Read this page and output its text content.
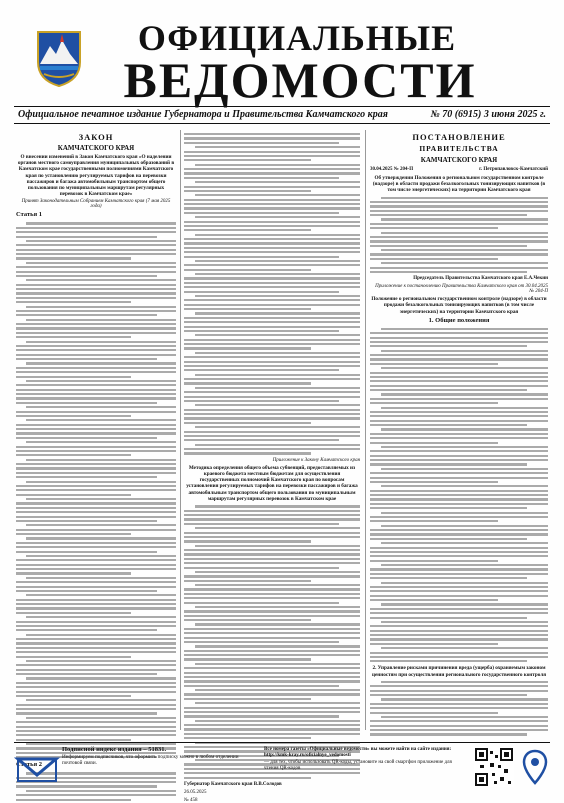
ОФИЦИАЛЬНЫЕ
ВЕДОМОСТИ
Официальное печатное издание Губернатора и Правительства Камчатского края	№ 70 (6915) 3 июня 2025 г.
ЗАКОН
КАМЧАТСКОГО КРАЯ
О внесении изменений в Закон Камчатского края «О наделении органов местного самоуправления муниципальных образований в Камчатском крае государственными полномочиями Камчатского края по установлению регулируемых тарифов на перевозки пассажиров и багажа автомобильным транспортом общего пользования по муниципальным маршрутам регулярных перевозок в Камчатском крае»
Принят Законодательным Собранием Камчатского края (7 мая 2025 года)
Статья 1
Статья 2
Приложение к Закону Камчатского края
Методика определения общего объема субвенций, предоставляемых из краевого бюджета местным бюджетам для осуществления государственных полномочий Камчатского края по вопросам установления регулируемых тарифов на перевозки пассажиров и багажа автомобильным транспортом общего пользования по муниципальным маршрутам регулярных перевозок в Камчатском крае
Губернатор Камчатского края В.В.Солодов
26.05.2025
№ 458
ПОСТАНОВЛЕНИЕ
ПРАВИТЕЛЬСТВА
КАМЧАТСКОГО КРАЯ
30.04.2025 № 204-П	г. Петропавловск-Камчатский
Об утверждении Положения о региональном государственном контроле (надзоре) в области продажи безалкогольных тонизирующих напитков (в том числе энергетических) на территории Камчатского края
Председатель Правительства Камчатского края Е.А.Чекин
Приложение к постановлению Правительства Камчатского края от 30.04.2025 № 204-П
Положение о региональном государственном контроле (надзоре) в области продажи безалкогольных тонизирующих напитков (в том числе энергетических) на территории Камчатского края
1. Общие положения
2. Управление рисками причинения вреда (ущерба) охраняемым законом ценностям при осуществлении регионального государственного контроля
Подписной индекс издания – 51831.
Информируем подписчиков, что оформить подписку можно в любом отделении почтовой связи.
Все номера газеты «Официальные ведомости» вы можете найти на сайте издания: http://kmk-kray.ru/oficialnye_vedomosti
— для тех, чтобы использовать QR-коды, установите на свой смартфон приложение для чтения QR-кодов
